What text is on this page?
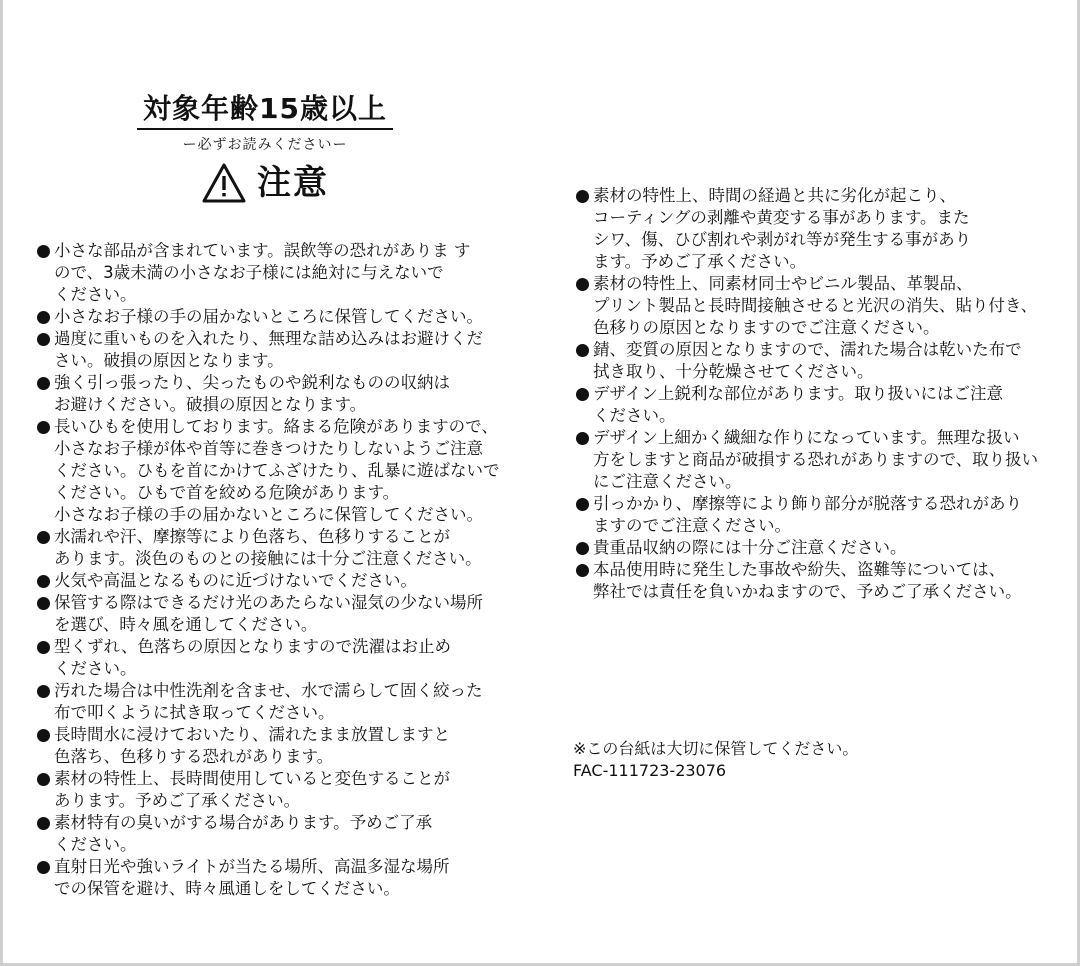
対象年齢15歳以上
ー必ずお読みくださいー
注意
小さな部品が含まれています。誤飲等の恐れがありま す
ので、3歳未満の小さなお子様には絶対に与えないで
ください。
小さなお子様の手の届かないところに保管してください。
過度に重いものを入れたり、無理な詰め込みはお避けくだ
さい。破損の原因となります。
強く引っ張ったり、尖ったものや鋭利なものの収納は
お避けください。破損の原因となります。
長いひもを使用しております。絡まる危険がありますので、
小さなお子様が体や首等に巻きつけたりしないようご注意
ください。ひもを首にかけてふざけたり、乱暴に遊ばないで
ください。ひもで首を絞める危険があります。
小さなお子様の手の届かないところに保管してください。
水濡れや汗、摩擦等により色落ち、色移りすることが
あります。淡色のものとの接触には十分ご注意ください。
火気や高温となるものに近づけないでください。
保管する際はできるだけ光のあたらない湿気の少ない場所
を選び、時々風を通してください。
型くずれ、色落ちの原因となりますので洗濯はお止め
ください。
汚れた場合は中性洗剤を含ませ、水で濡らして固く絞った
布で叩くように拭き取ってください。
長時間水に浸けておいたり、濡れたまま放置しますと
色落ち、色移りする恐れがあります。
素材の特性上、長時間使用していると変色することが
あります。予めご了承ください。
素材特有の臭いがする場合があります。予めご了承
ください。
直射日光や強いライトが当たる場所、高温多湿な場所
での保管を避け、時々風通しをしてください。
素材の特性上、時間の経過と共に劣化が起こり、
コーティングの剥離や黄変する事があります。また
シワ、傷、ひび割れや剥がれ等が発生する事があり
ます。予めご了承ください。
素材の特性上、同素材同士やビニル製品、革製品、
プリント製品と長時間接触させると光沢の消失、貼り付き、
色移りの原因となりますのでご注意ください。
錆、変質の原因となりますので、濡れた場合は乾いた布で
拭き取り、十分乾燥させてください。
デザイン上鋭利な部位があります。取り扱いにはご注意
ください。
デザイン上細かく繊細な作りになっています。無理な扱い
方をしますと商品が破損する恐れがありますので、取り扱い
にご注意ください。
引っかかり、摩擦等により飾り部分が脱落する恐れがあり
ますのでご注意ください。
貴重品収納の際には十分ご注意ください。
本品使用時に発生した事故や紛失、盗難等については、
弊社では責任を負いかねますので、予めご了承ください。
※この台紙は大切に保管してください。
FAC-111723-23076
